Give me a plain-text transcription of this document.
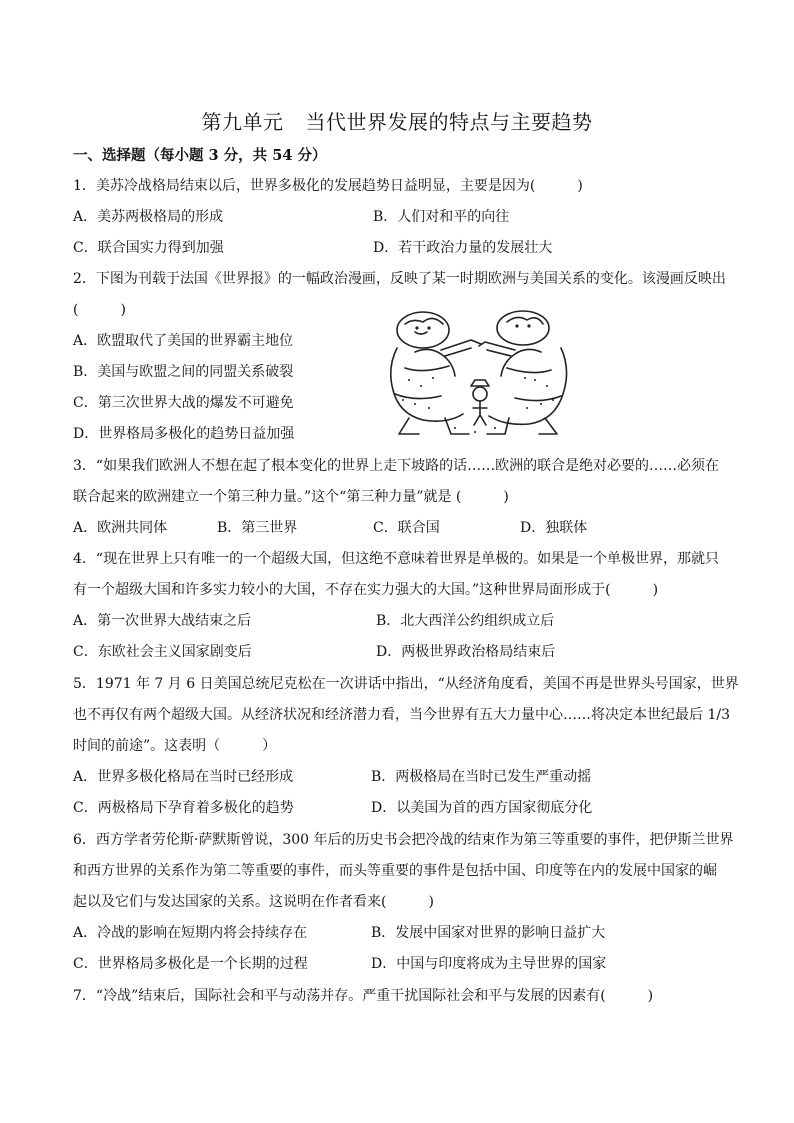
第九单元 当代世界发展的特点与主要趋势
一、选择题（每小题 3 分，共 54 分）
1．美苏冷战格局结束以后，世界多极化的发展趋势日益明显，主要是因为(　　　)
A．美苏两极格局的形成	B．人们对和平的向往
C．联合国实力得到加强	D．若干政治力量的发展壮大
2．下图为刊载于法国《世界报》的一幅政治漫画，反映了某一时期欧洲与美国关系的变化。该漫画反映出
(　　　)
A．欧盟取代了美国的世界霸主地位
B．美国与欧盟之间的同盟关系破裂
C．第三次世界大战的爆发不可避免
D．世界格局多极化的趋势日益加强
3．“如果我们欧洲人不想在起了根本变化的世界上走下坡路的话……欧洲的联合是绝对必要的……必须在
联合起来的欧洲建立一个第三种力量。”这个“第三种力量”就是 (　　　)
A．欧洲共同体	B．第三世界	C．联合国	D．独联体
4．“现在世界上只有唯一的一个超级大国，但这绝不意味着世界是单极的。如果是一个单极世界，那就只
有一个超级大国和许多实力较小的大国，不存在实力强大的大国。”这种世界局面形成于(　　　)
A．第一次世界大战结束之后	B．北大西洋公约组织成立后
C．东欧社会主义国家剧变后	D．两极世界政治格局结束后
5．1971 年 7 月 6 日美国总统尼克松在一次讲话中指出，“从经济角度看，美国不再是世界头号国家，世界
也不再仅有两个超级大国。从经济状况和经济潜力看，当今世界有五大力量中心……将决定本世纪最后 1/3
时间的前途”。这表明（　　　）
A．世界多极化格局在当时已经形成	B．两极格局在当时已发生严重动摇
C．两极格局下孕育着多极化的趋势	D．以美国为首的西方国家彻底分化
6．西方学者劳伦斯·萨默斯曾说，300 年后的历史书会把冷战的结束作为第三等重要的事件，把伊斯兰世界
和西方世界的关系作为第二等重要的事件，而头等重要的事件是包括中国、印度等在内的发展中国家的崛
起以及它们与发达国家的关系。这说明在作者看来(　　　)
A．冷战的影响在短期内将会持续存在	B．发展中国家对世界的影响日益扩大
C．世界格局多极化是一个长期的过程	D．中国与印度将成为主导世界的国家
7．“冷战”结束后，国际社会和平与动荡并存。严重干扰国际社会和平与发展的因素有(　　　)
